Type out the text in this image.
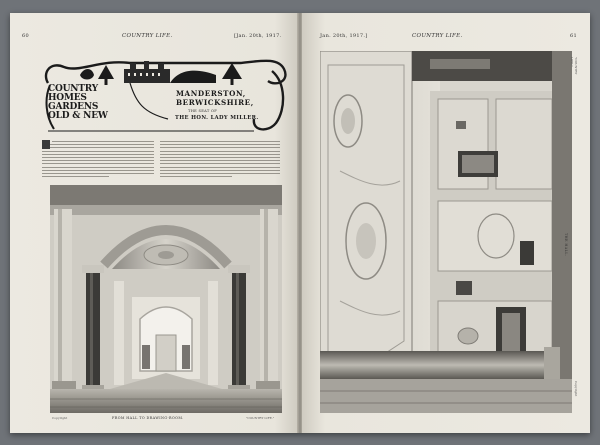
60	COUNTRY LIFE.	[Jan. 20th, 1917.
COUNTRY
HOMES
GARDENS
OLD & NEW
MANDERSTON,
BERWICKSHIRE,
THE SEAT OF
THE HON. LADY MILLER.
FROM HALL TO DRAWING-ROOM.
Copyright	"COUNTRY LIFE."
Jan. 20th, 1917.]	COUNTRY LIFE.	61
THE HALL.
"COUNTRY LIFE."
Copyright
